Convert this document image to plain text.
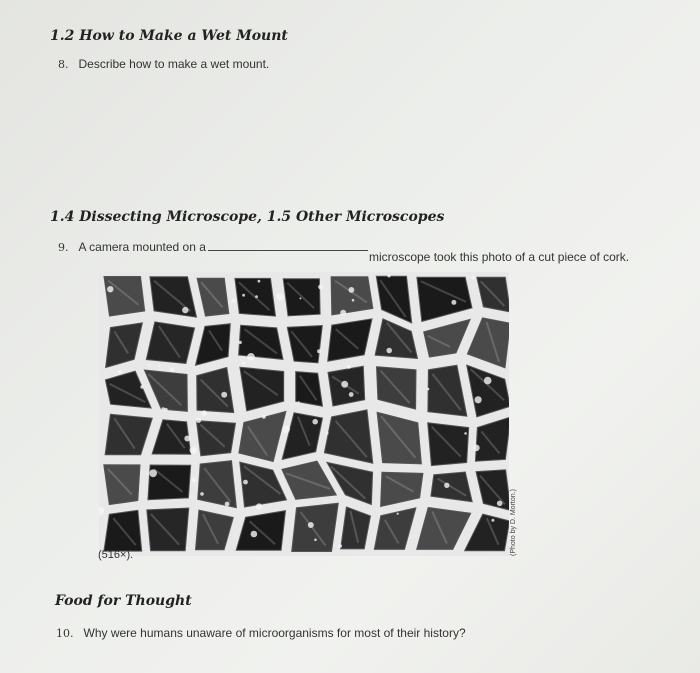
1.2 How to Make a Wet Mount
8. Describe how to make a wet mount.
1.4 Dissecting Microscope, 1.5 Other Microscopes
9. A camera mounted on a
microscope took this photo of a cut piece of cork.
(Photo by D. Morton.)
(516×).
Food for Thought
10. Why were humans unaware of microorganisms for most of their history?
